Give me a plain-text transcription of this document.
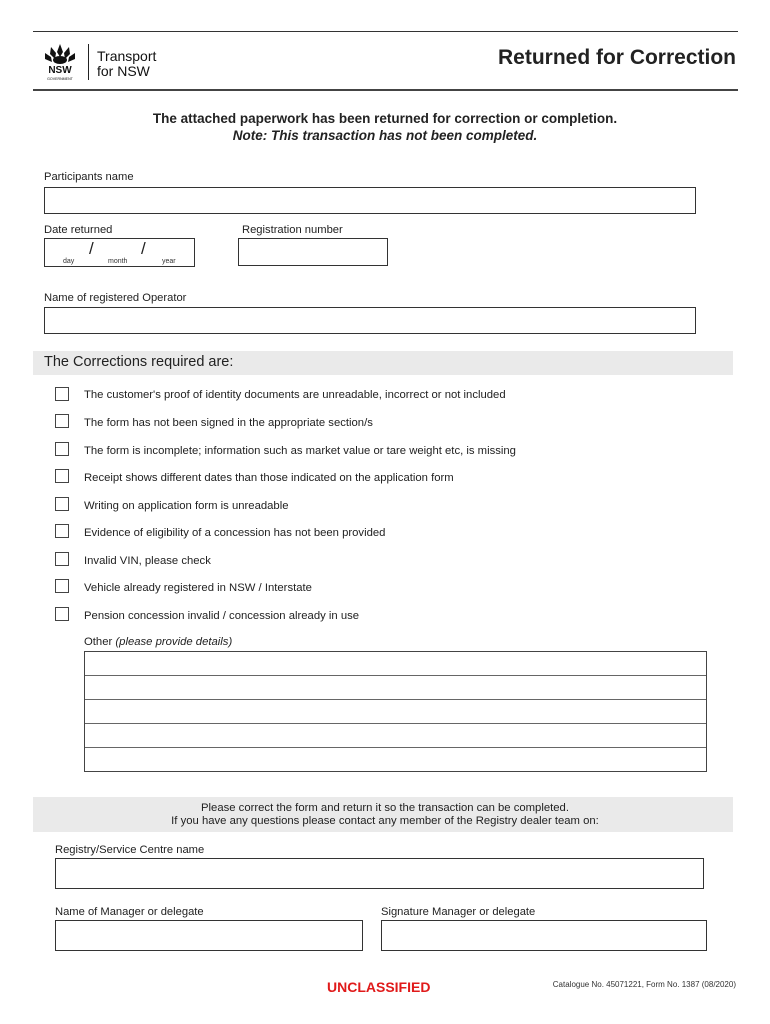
NSW
GOVERNMENT
Transport
for NSW
Returned for Correction
The attached paperwork has been returned for correction or completion.
Note: This transaction has not been completed.
Participants name
Date returned
/	/
day	month	year
Registration number
Name of registered Operator
The Corrections required are:
The customer's proof of identity documents are unreadable, incorrect or not included
The form has not been signed in the appropriate section/s
The form is incomplete; information such as market value or tare weight etc, is missing
Receipt shows different dates than those indicated on the application form
Writing on application form is unreadable
Evidence of eligibility of a concession has not been provided
Invalid VIN, please check
Vehicle already registered in NSW / Interstate
Pension concession invalid / concession already in use
Other (please provide details)
Please correct the form and return it so the transaction can be completed.
If you have any questions please contact any member of the Registry dealer team on:
Registry/Service Centre name
Name of Manager or delegate	Signature Manager or delegate
UNCLASSIFIED	Catalogue No. 45071221, Form No. 1387 (08/2020)
